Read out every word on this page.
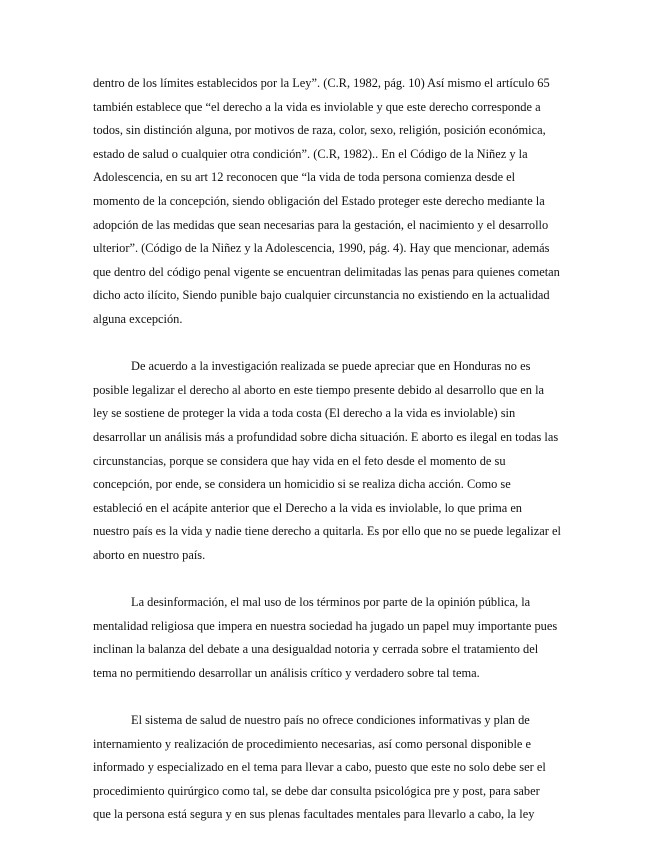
dentro de los límites establecidos por la Ley”. (C.R, 1982, pág. 10) Así mismo el artículo 65
también establece que “el derecho a la vida es inviolable y que este derecho corresponde a
todos, sin distinción alguna, por motivos de raza, color, sexo, religión, posición económica,
estado de salud o cualquier otra condición”. (C.R, 1982).. En el Código de la Niñez y la
Adolescencia, en su art 12 reconocen que “la vida de toda persona comienza desde el
momento de la concepción, siendo obligación del Estado proteger este derecho mediante la
adopción de las medidas que sean necesarias para la gestación, el nacimiento y el desarrollo
ulterior”. (Código de la Niñez y la Adolescencia, 1990, pág. 4). Hay que mencionar, además
que dentro del código penal vigente se encuentran delimitadas las penas para quienes cometan
dicho acto ilícito, Siendo punible bajo cualquier circunstancia no existiendo en la actualidad
alguna excepción.
De acuerdo a la investigación realizada se puede apreciar que en Honduras no es
posible legalizar el derecho al aborto en este tiempo presente debido al desarrollo que en la
ley se sostiene de proteger la vida a toda costa (El derecho a la vida es inviolable) sin
desarrollar un análisis más a profundidad sobre dicha situación. E aborto es ilegal en todas las
circunstancias, porque se considera que hay vida en el feto desde el momento de su
concepción, por ende, se considera un homicidio si se realiza dicha acción. Como se
estableció en el acápite anterior que el Derecho a la vida es inviolable, lo que prima en
nuestro país es la vida y nadie tiene derecho a quitarla. Es por ello que no se puede legalizar el
aborto en nuestro país.
La desinformación, el mal uso de los términos por parte de la opinión pública, la
mentalidad religiosa que impera en nuestra sociedad ha jugado un papel muy importante pues
inclinan la balanza del debate a una desigualdad notoria y cerrada sobre el tratamiento del
tema no permitiendo desarrollar un análisis crítico y verdadero sobre tal tema.
El sistema de salud de nuestro país no ofrece condiciones informativas y plan de
internamiento y realización de procedimiento necesarias, así como personal disponible e
informado y especializado en el tema para llevar a cabo, puesto que este no solo debe ser el
procedimiento quirúrgico como tal, se debe dar consulta psicológica pre y post, para saber
que la persona está segura y en sus plenas facultades mentales para llevarlo a cabo, la ley
